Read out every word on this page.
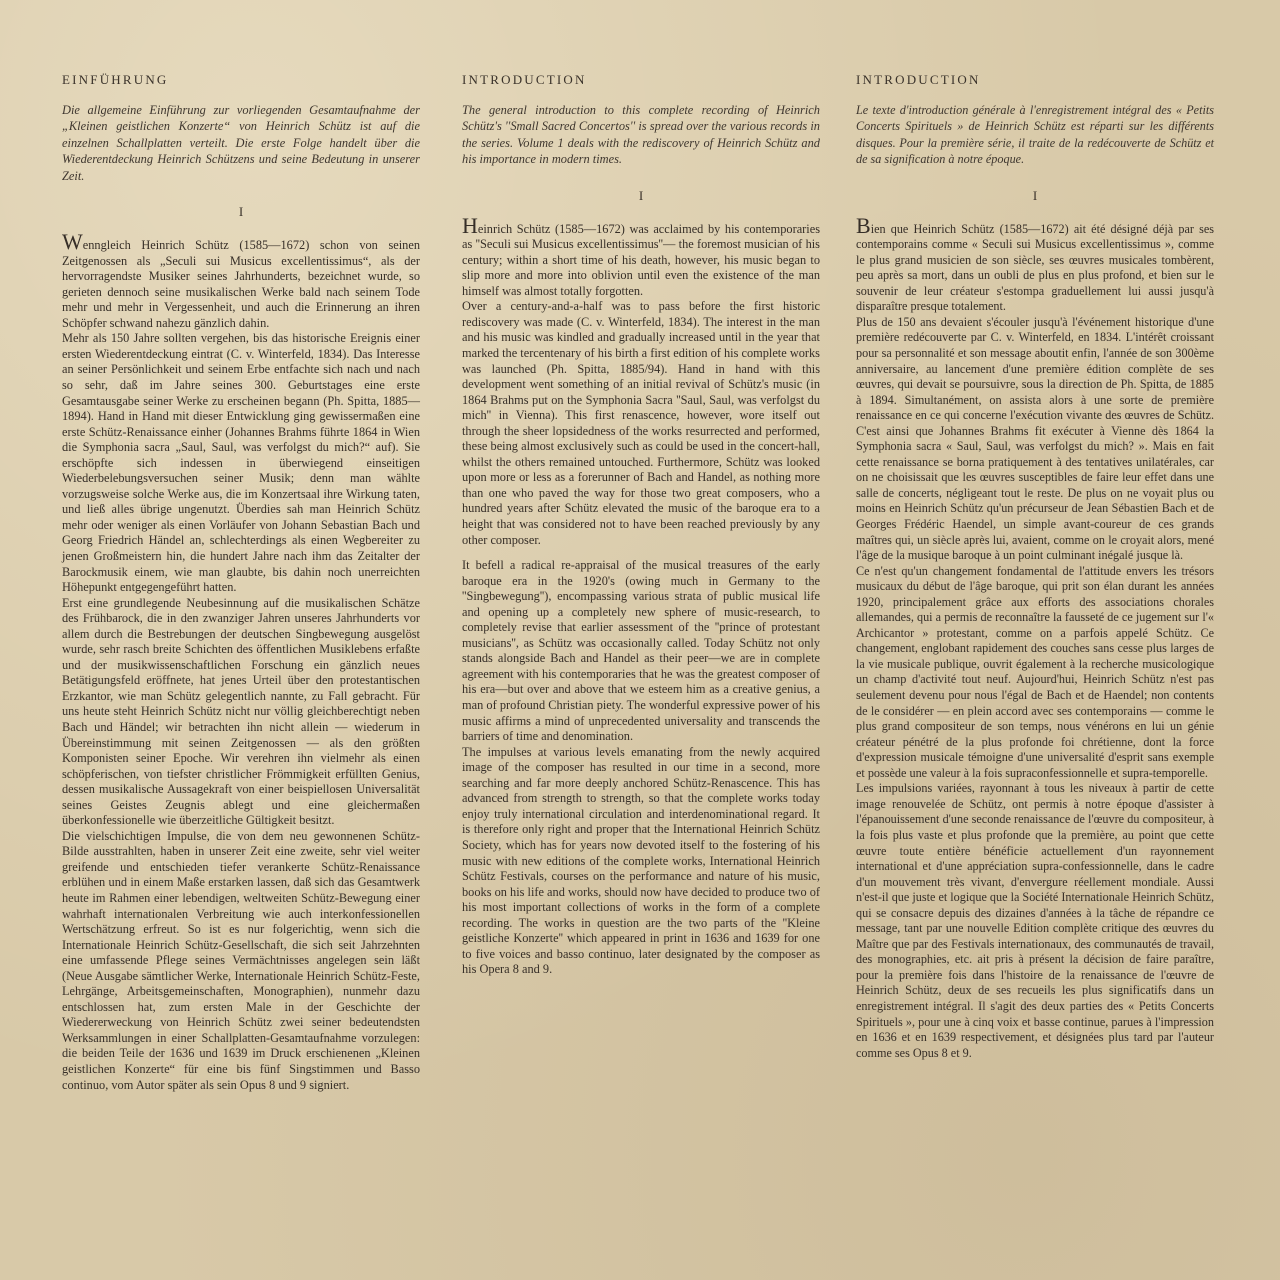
EINFÜHRUNG

Die allgemeine Einführung zur vorliegenden Gesamtaufnahme der „Kleinen geistlichen Konzerte“ von Heinrich Schütz ist auf die einzelnen Schallplatten verteilt. Die erste Folge handelt über die Wiederentdeckung Heinrich Schützens und seine Bedeutung in unserer Zeit.

I

Wenngleich Heinrich Schütz (1585—1672) schon von seinen Zeitgenossen als „Seculi sui Musicus excellentissimus“, als der hervorragendste Musiker seines Jahrhunderts, bezeichnet wurde, so gerieten dennoch seine musikalischen Werke bald nach seinem Tode mehr und mehr in Vergessenheit, und auch die Erinnerung an ihren Schöpfer schwand nahezu gänzlich dahin.

Mehr als 150 Jahre sollten vergehen, bis das historische Ereignis einer ersten Wiederentdeckung eintrat (C. v. Winterfeld, 1834). Das Interesse an seiner Persönlichkeit und seinem Erbe entfachte sich nach und nach so sehr, daß im Jahre seines 300. Geburtstages eine erste Gesamtausgabe seiner Werke zu erscheinen begann (Ph. Spitta, 1885—1894). Hand in Hand mit dieser Entwicklung ging gewissermaßen eine erste Schütz-Renaissance einher (Johannes Brahms führte 1864 in Wien die Symphonia sacra „Saul, Saul, was verfolgst du mich?“ auf). Sie erschöpfte sich indessen in überwiegend einseitigen Wiederbelebungsversuchen seiner Musik; denn man wählte vorzugsweise solche Werke aus, die im Konzertsaal ihre Wirkung taten, und ließ alles übrige ungenutzt. Überdies sah man Heinrich Schütz mehr oder weniger als einen Vorläufer von Johann Sebastian Bach und Georg Friedrich Händel an, schlechterdings als einen Wegbereiter zu jenen Großmeistern hin, die hundert Jahre nach ihm das Zeitalter der Barockmusik einem, wie man glaubte, bis dahin noch unerreichten Höhepunkt entgegengeführt hatten.

Erst eine grundlegende Neubesinnung auf die musikalischen Schätze des Frühbarock, die in den zwanziger Jahren unseres Jahrhunderts vor allem durch die Bestrebungen der deutschen Singbewegung ausgelöst wurde, sehr rasch breite Schichten des öffentlichen Musiklebens erfaßte und der musikwissenschaftlichen Forschung ein gänzlich neues Betätigungsfeld eröffnete, hat jenes Urteil über den protestantischen Erzkantor, wie man Schütz gelegentlich nannte, zu Fall gebracht. Für uns heute steht Heinrich Schütz nicht nur völlig gleichberechtigt neben Bach und Händel; wir betrachten ihn nicht allein — wiederum in Übereinstimmung mit seinen Zeitgenossen — als den größten Komponisten seiner Epoche. Wir verehren ihn vielmehr als einen schöpferischen, von tiefster christlicher Frömmigkeit erfüllten Genius, dessen musikalische Aussagekraft von einer beispiellosen Universalität seines Geistes Zeugnis ablegt und eine gleichermaßen überkonfessionelle wie überzeitliche Gültigkeit besitzt.

Die vielschichtigen Impulse, die von dem neu gewonnenen Schütz-Bilde ausstrahlten, haben in unserer Zeit eine zweite, sehr viel weiter greifende und entschieden tiefer verankerte Schütz-Renaissance erblühen und in einem Maße erstarken lassen, daß sich das Gesamtwerk heute im Rahmen einer lebendigen, weltweiten Schütz-Bewegung einer wahrhaft internationalen Verbreitung wie auch interkonfessionellen Wertschätzung erfreut. So ist es nur folgerichtig, wenn sich die Internationale Heinrich Schütz-Gesellschaft, die sich seit Jahrzehnten eine umfassende Pflege seines Vermächtnisses angelegen sein läßt (Neue Ausgabe sämtlicher Werke, Internationale Heinrich Schütz-Feste, Lehrgänge, Arbeitsgemeinschaften, Monographien), nunmehr dazu entschlossen hat, zum ersten Male in der Geschichte der Wiedererweckung von Heinrich Schütz zwei seiner bedeutendsten Werksammlungen in einer Schallplatten-Gesamtaufnahme vorzulegen: die beiden Teile der 1636 und 1639 im Druck erschienenen „Kleinen geistlichen Konzerte“ für eine bis fünf Singstimmen und Basso continuo, vom Autor später als sein Opus 8 und 9 signiert.

INTRODUCTION

The general introduction to this complete recording of Heinrich Schütz's ''Small Sacred Concertos'' is spread over the various records in the series. Volume 1 deals with the rediscovery of Heinrich Schütz and his importance in modern times.

I

Heinrich Schütz (1585—1672) was acclaimed by his contemporaries as ''Seculi sui Musicus excellentissimus''— the foremost musician of his century; within a short time of his death, however, his music began to slip more and more into oblivion until even the existence of the man himself was almost totally forgotten.

Over a century-and-a-half was to pass before the first historic rediscovery was made (C. v. Winterfeld, 1834). The interest in the man and his music was kindled and gradually increased until in the year that marked the tercentenary of his birth a first edition of his complete works was launched (Ph. Spitta, 1885/94). Hand in hand with this development went something of an initial revival of Schütz's music (in 1864 Brahms put on the Symphonia Sacra ''Saul, Saul, was verfolgst du mich'' in Vienna). This first renascence, however, wore itself out through the sheer lopsidedness of the works resurrected and performed, these being almost exclusively such as could be used in the concert-hall, whilst the others remained untouched. Furthermore, Schütz was looked upon more or less as a forerunner of Bach and Handel, as nothing more than one who paved the way for those two great composers, who a hundred years after Schütz elevated the music of the baroque era to a height that was considered not to have been reached previously by any other composer.

It befell a radical re-appraisal of the musical treasures of the early baroque era in the 1920's (owing much in Germany to the ''Singbewegung''), encompassing various strata of public musical life and opening up a completely new sphere of music-research, to completely revise that earlier assessment of the ''prince of protestant musicians'', as Schütz was occasionally called. Today Schütz not only stands alongside Bach and Handel as their peer—we are in complete agreement with his contemporaries that he was the greatest composer of his era—but over and above that we esteem him as a creative genius, a man of profound Christian piety. The wonderful expressive power of his music affirms a mind of unprecedented universality and transcends the barriers of time and denomination.

The impulses at various levels emanating from the newly acquired image of the composer has resulted in our time in a second, more searching and far more deeply anchored Schütz-Renascence. This has advanced from strength to strength, so that the complete works today enjoy truly international circulation and interdenominational regard. It is therefore only right and proper that the International Heinrich Schütz Society, which has for years now devoted itself to the fostering of his music with new editions of the complete works, International Heinrich Schütz Festivals, courses on the performance and nature of his music, books on his life and works, should now have decided to produce two of his most important collections of works in the form of a complete recording. The works in question are the two parts of the ''Kleine geistliche Konzerte'' which appeared in print in 1636 and 1639 for one to five voices and basso continuo, later designated by the composer as his Opera 8 and 9.

INTRODUCTION

Le texte d'introduction générale à l'enregistrement intégral des « Petits Concerts Spirituels » de Heinrich Schütz est réparti sur les différents disques. Pour la première série, il traite de la redécouverte de Schütz et de sa signification à notre époque.

I

Bien que Heinrich Schütz (1585—1672) ait été désigné déjà par ses contemporains comme « Seculi sui Musicus excellentissimus », comme le plus grand musicien de son siècle, ses œuvres musicales tombèrent, peu après sa mort, dans un oubli de plus en plus profond, et bien sur le souvenir de leur créateur s'estompa graduellement lui aussi jusqu'à disparaître presque totalement.

Plus de 150 ans devaient s'écouler jusqu'à l'événement historique d'une première redécouverte par C. v. Winterfeld, en 1834. L'intérêt croissant pour sa personnalité et son message aboutit enfin, l'année de son 300ème anniversaire, au lancement d'une première édition complète de ses œuvres, qui devait se poursuivre, sous la direction de Ph. Spitta, de 1885 à 1894. Simultanément, on assista alors à une sorte de première renaissance en ce qui concerne l'exécution vivante des œuvres de Schütz. C'est ainsi que Johannes Brahms fit exécuter à Vienne dès 1864 la Symphonia sacra « Saul, Saul, was verfolgst du mich? ». Mais en fait cette renaissance se borna pratiquement à des tentatives unilatérales, car on ne choisissait que les œuvres susceptibles de faire leur effet dans une salle de concerts, négligeant tout le reste. De plus on ne voyait plus ou moins en Heinrich Schütz qu'un précurseur de Jean Sébastien Bach et de Georges Frédéric Haendel, un simple avant-coureur de ces grands maîtres qui, un siècle après lui, avaient, comme on le croyait alors, mené l'âge de la musique baroque à un point culminant inégalé jusque là.

Ce n'est qu'un changement fondamental de l'attitude envers les trésors musicaux du début de l'âge baroque, qui prit son élan durant les années 1920, principalement grâce aux efforts des associations chorales allemandes, qui a permis de reconnaître la fausseté de ce jugement sur l'« Archicantor » protestant, comme on a parfois appelé Schütz. Ce changement, englobant rapidement des couches sans cesse plus larges de la vie musicale publique, ouvrit également à la recherche musicologique un champ d'activité tout neuf. Aujourd'hui, Heinrich Schütz n'est pas seulement devenu pour nous l'égal de Bach et de Haendel; non contents de le considérer — en plein accord avec ses contemporains — comme le plus grand compositeur de son temps, nous vénérons en lui un génie créateur pénétré de la plus profonde foi chrétienne, dont la force d'expression musicale témoigne d'une universalité d'esprit sans exemple et possède une valeur à la fois supraconfessionnelle et supra-temporelle.

Les impulsions variées, rayonnant à tous les niveaux à partir de cette image renouvelée de Schütz, ont permis à notre époque d'assister à l'épanouissement d'une seconde renaissance de l'œuvre du compositeur, à la fois plus vaste et plus profonde que la première, au point que cette œuvre toute entière bénéficie actuellement d'un rayonnement international et d'une appréciation supra-confessionnelle, dans le cadre d'un mouvement très vivant, d'envergure réellement mondiale. Aussi n'est-il que juste et logique que la Société Internationale Heinrich Schütz, qui se consacre depuis des dizaines d'années à la tâche de répandre ce message, tant par une nouvelle Edition complète critique des œuvres du Maître que par des Festivals internationaux, des communautés de travail, des monographies, etc. ait pris à présent la décision de faire paraître, pour la première fois dans l'histoire de la renaissance de l'œuvre de Heinrich Schütz, deux de ses recueils les plus significatifs dans un enregistrement intégral. Il s'agit des deux parties des « Petits Concerts Spirituels », pour une à cinq voix et basse continue, parues à l'impression en 1636 et en 1639 respectivement, et désignées plus tard par l'auteur comme ses Opus 8 et 9.
